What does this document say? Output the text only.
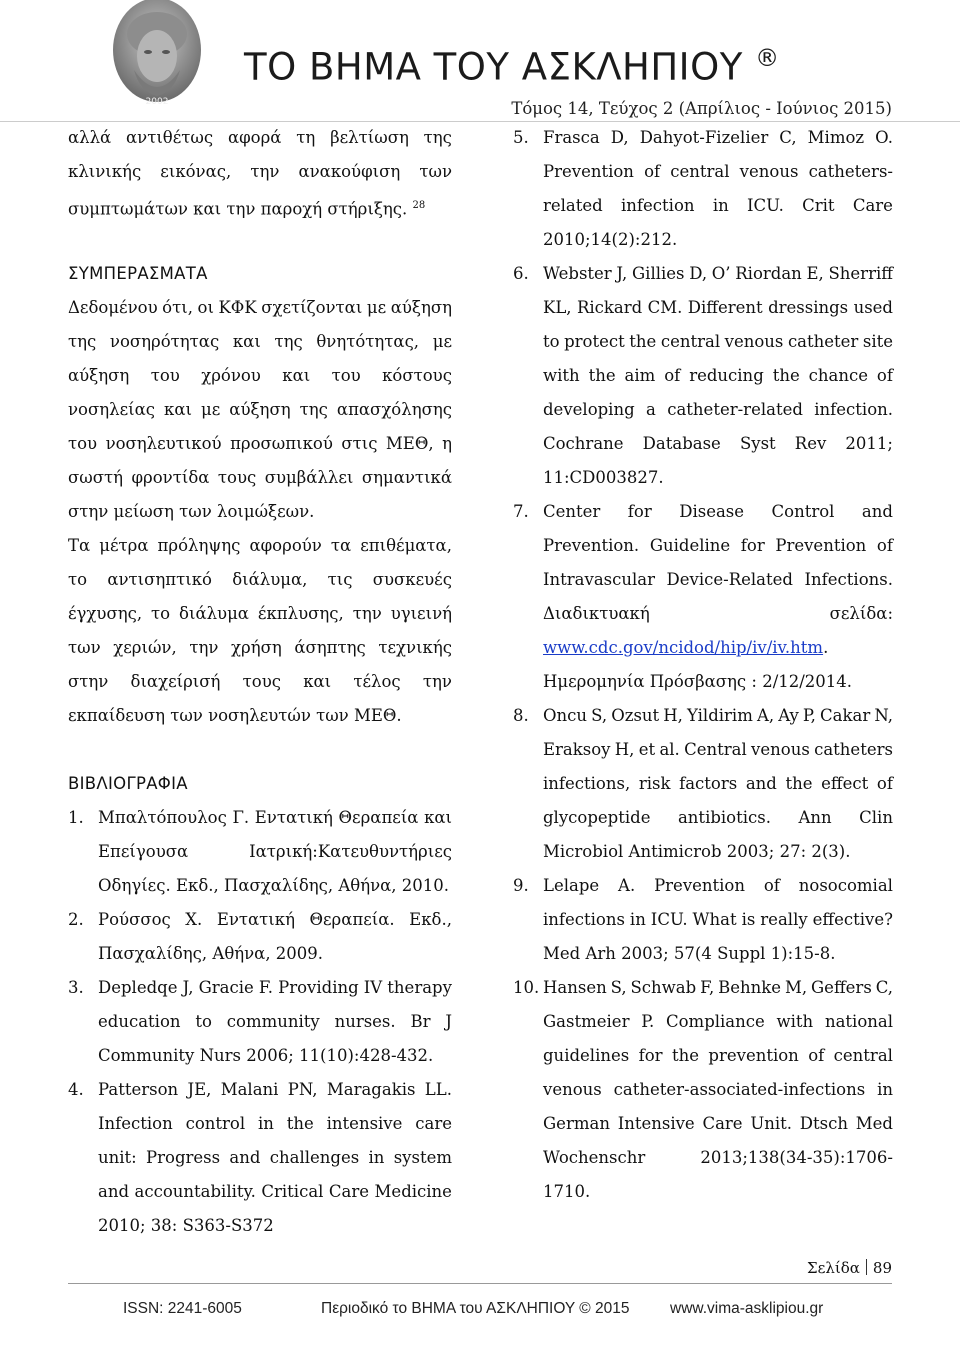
2002
ΤΟ ΒΗΜΑ ΤΟΥ ΑΣΚΛΗΠΙΟΥ ®
Τόμος 14, Τεύχος 2 (Απρίλιος - Ιούνιος 2015)
αλλά αντιθέτως αφορά τη βελτίωση της
κλινικής εικόνας, την ανακούφιση των
συμπτωμάτων και την παροχή στήριξης. $^{28}$
ΣΥΜΠΕΡΑΣΜΑΤΑ
Δεδομένου ότι, οι ΚΦΚ σχετίζονται με αύξηση
της νοσηρότητας και της θνητότητας, με
αύξηση του χρόνου και του κόστους
νοσηλείας και με αύξηση της απασχόλησης
του νοσηλευτικού προσωπικού στις ΜΕΘ, η
σωστή φροντίδα τους συμβάλλει σημαντικά
στην μείωση των λοιμώξεων.
Τα μέτρα πρόληψης αφορούν τα επιθέματα,
το αντισηπτικό διάλυμα, τις συσκευές
έγχυσης, το διάλυμα έκπλυσης, την υγιεινή
των χεριών, την χρήση άσηπτης τεχνικής
στην διαχείρισή τους και τέλος την
εκπαίδευση των νοσηλευτών των ΜΕΘ.
ΒΙΒΛΙΟΓΡΑΦΙΑ
1. Μπαλτόπουλος Γ. Εντατική Θεραπεία και
Επείγουσα	Ιατρική:Κατευθυντήριες
Οδηγίες. Εκδ., Πασχαλίδης, Αθήνα, 2010.
2. Ρούσσος Χ. Εντατική Θεραπεία. Εκδ.,
Πασχαλίδης, Αθήνα, 2009.
3. Depledqe J, Gracie F. Providing IV therapy
education to community nurses. Br J
Community Nurs 2006; 11(10):428-432.
4. Patterson JE, Malani PN, Maragakis LL.
Infection control in the intensive care
unit: Progress and challenges in system
and accountability. Critical Care Medicine
2010; 38: S363-S372
5. Frasca D, Dahyot-Fizelier C, Mimoz O.
Prevention of central venous catheters-
related infection in ICU. Crit Care
2010;14(2):212.
6. Webster J, Gillies D, O’ Riordan E, Sherriff
KL, Rickard CM. Different dressings used
to protect the central venous catheter site
with the aim of reducing the chance of
developing a catheter-related infection.
Cochrane Database Syst Rev 2011;
11:CD003827.
7. Center for Disease Control and
Prevention. Guideline for Prevention of
Intravascular Device-Related Infections.
Διαδικτυακή	σελίδα:
www.cdc.gov/ncidod/hip/iv/iv.htm.
Ημερομηνία Πρόσβασης : 2/12/2014.
8. Oncu S, Ozsut H, Yildirim A, Ay P, Cakar N,
Eraksoy H, et al. Central venous catheters
infections, risk factors and the effect of
glycopeptide antibiotics. Ann Clin
Microbiol Antimicrob 2003; 27: 2(3).
9. Lelape A. Prevention of nosocomial
infections in ICU. What is really effective?
Med Arh 2003; 57(4 Suppl 1):15-8.
10. Hansen S, Schwab F, Behnke M, Geffers C,
Gastmeier P. Compliance with national
guidelines for the prevention of central
venous catheter-associated-infections in
German Intensive Care Unit. Dtsch Med
Wochenschr	2013;138(34-35):1706-
1710.
Σελίδα 89
ISSN: 2241-6005	Περιοδικό το ΒΗΜΑ του ΑΣΚΛΗΠΙΟΥ © 2015	www.vima-asklipiou.gr
